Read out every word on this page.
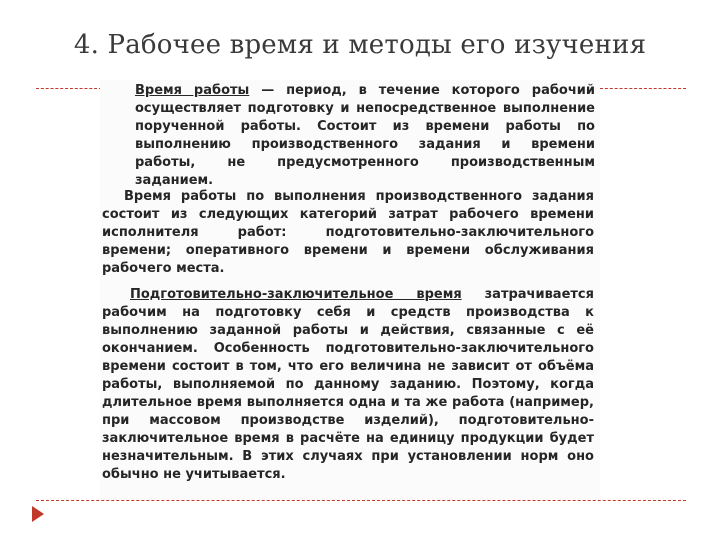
4. Рабочее время и методы его изучения

Время работы — период, в течение которого рабочий осуществляет подготовку и непосредственное выполнение порученной работы. Состоит из времени работы по выполнению производственного задания и времени работы, не предусмотренного производственным заданием.

Время работы по выполнения производственного задания состоит из следующих категорий затрат рабочего времени исполнителя работ: подготовительно-заключительного времени; оперативного времени и времени обслуживания рабочего места.

Подготовительно-заключительное время затрачивается рабочим на подготовку себя и средств производства к выполнению заданной работы и действия, связанные с её окончанием. Особенность подготовительно-заключительного времени состоит в том, что его величина не зависит от объёма работы, выполняемой по данному заданию. Поэтому, когда длительное время выполняется одна и та же работа (например, при массовом производстве изделий), подготовительно-заключительное время в расчёте на единицу продукции будет незначительным. В этих случаях при установлении норм оно обычно не учитывается.
